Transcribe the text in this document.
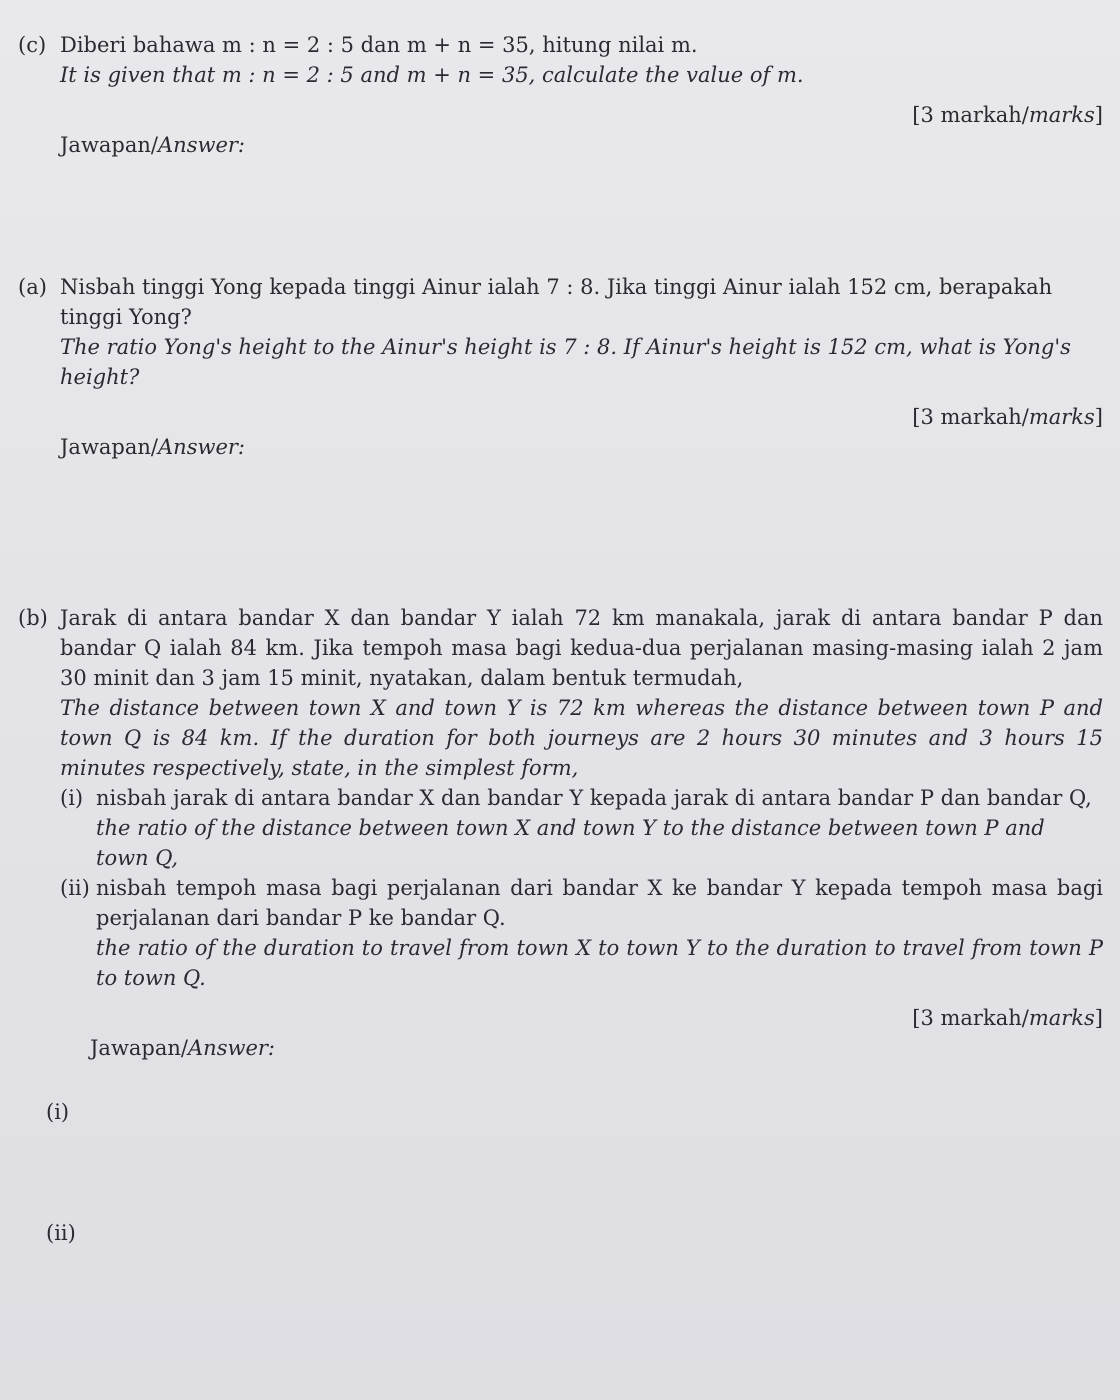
(c) Diberi bahawa m : n = 2 : 5 dan m + n = 35, hitung nilai m.
It is given that m : n = 2 : 5 and m + n = 35, calculate the value of m.
[3 markah/marks]
Jawapan/Answer:
(a) Nisbah tinggi Yong kepada tinggi Ainur ialah 7 : 8. Jika tinggi Ainur ialah 152 cm, berapakah tinggi Yong?
The ratio Yong's height to the Ainur's height is 7 : 8. If Ainur's height is 152 cm, what is Yong's height?
[3 markah/marks]
Jawapan/Answer:
(b) Jarak di antara bandar X dan bandar Y ialah 72 km manakala, jarak di antara bandar P dan bandar Q ialah 84 km. Jika tempoh masa bagi kedua-dua perjalanan masing-masing ialah 2 jam 30 minit dan 3 jam 15 minit, nyatakan, dalam bentuk termudah,
The distance between town X and town Y is 72 km whereas the distance between town P and town Q is 84 km. If the duration for both journeys are 2 hours 30 minutes and 3 hours 15 minutes respectively, state, in the simplest form,
(i) nisbah jarak di antara bandar X dan bandar Y kepada jarak di antara bandar P dan bandar Q,
the ratio of the distance between town X and town Y to the distance between town P and town Q,
(ii) nisbah tempoh masa bagi perjalanan dari bandar X ke bandar Y kepada tempoh masa bagi perjalanan dari bandar P ke bandar Q.
the ratio of the duration to travel from town X to town Y to the duration to travel from town P to town Q.
[3 markah/marks]
Jawapan/Answer:
(i)
(ii)
